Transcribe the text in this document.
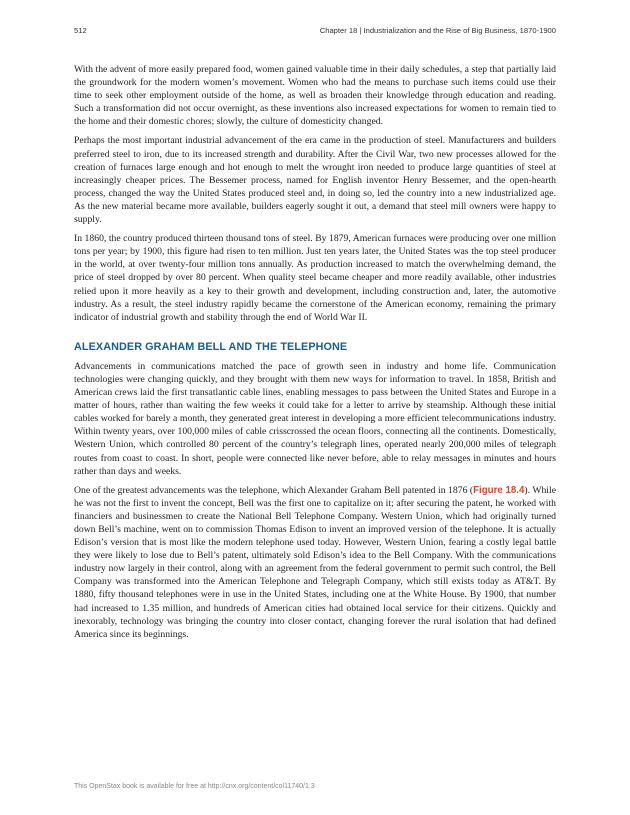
512	Chapter 18 | Industrialization and the Rise of Big Business, 1870-1900

With the advent of more easily prepared food, women gained valuable time in their daily schedules, a step that partially laid the groundwork for the modern women’s movement. Women who had the means to purchase such items could use their time to seek other employment outside of the home, as well as broaden their knowledge through education and reading. Such a transformation did not occur overnight, as these inventions also increased expectations for women to remain tied to the home and their domestic chores; slowly, the culture of domesticity changed.

Perhaps the most important industrial advancement of the era came in the production of steel. Manufacturers and builders preferred steel to iron, due to its increased strength and durability. After the Civil War, two new processes allowed for the creation of furnaces large enough and hot enough to melt the wrought iron needed to produce large quantities of steel at increasingly cheaper prices. The Bessemer process, named for English inventor Henry Bessemer, and the open-hearth process, changed the way the United States produced steel and, in doing so, led the country into a new industrialized age. As the new material became more available, builders eagerly sought it out, a demand that steel mill owners were happy to supply.

In 1860, the country produced thirteen thousand tons of steel. By 1879, American furnaces were producing over one million tons per year; by 1900, this figure had risen to ten million. Just ten years later, the United States was the top steel producer in the world, at over twenty-four million tons annually. As production increased to match the overwhelming demand, the price of steel dropped by over 80 percent. When quality steel became cheaper and more readily available, other industries relied upon it more heavily as a key to their growth and development, including construction and, later, the automotive industry. As a result, the steel industry rapidly became the cornerstone of the American economy, remaining the primary indicator of industrial growth and stability through the end of World War II.

ALEXANDER GRAHAM BELL AND THE TELEPHONE

Advancements in communications matched the pace of growth seen in industry and home life. Communication technologies were changing quickly, and they brought with them new ways for information to travel. In 1858, British and American crews laid the first transatlantic cable lines, enabling messages to pass between the United States and Europe in a matter of hours, rather than waiting the few weeks it could take for a letter to arrive by steamship. Although these initial cables worked for barely a month, they generated great interest in developing a more efficient telecommunications industry. Within twenty years, over 100,000 miles of cable crisscrossed the ocean floors, connecting all the continents. Domestically, Western Union, which controlled 80 percent of the country’s telegraph lines, operated nearly 200,000 miles of telegraph routes from coast to coast. In short, people were connected like never before, able to relay messages in minutes and hours rather than days and weeks.

One of the greatest advancements was the telephone, which Alexander Graham Bell patented in 1876 (Figure 18.4). While he was not the first to invent the concept, Bell was the first one to capitalize on it; after securing the patent, he worked with financiers and businessmen to create the National Bell Telephone Company. Western Union, which had originally turned down Bell’s machine, went on to commission Thomas Edison to invent an improved version of the telephone. It is actually Edison’s version that is most like the modern telephone used today. However, Western Union, fearing a costly legal battle they were likely to lose due to Bell’s patent, ultimately sold Edison’s idea to the Bell Company. With the communications industry now largely in their control, along with an agreement from the federal government to permit such control, the Bell Company was transformed into the American Telephone and Telegraph Company, which still exists today as AT&T. By 1880, fifty thousand telephones were in use in the United States, including one at the White House. By 1900, that number had increased to 1.35 million, and hundreds of American cities had obtained local service for their citizens. Quickly and inexorably, technology was bringing the country into closer contact, changing forever the rural isolation that had defined America since its beginnings.

This OpenStax book is available for free at http://cnx.org/content/col11740/1.3
